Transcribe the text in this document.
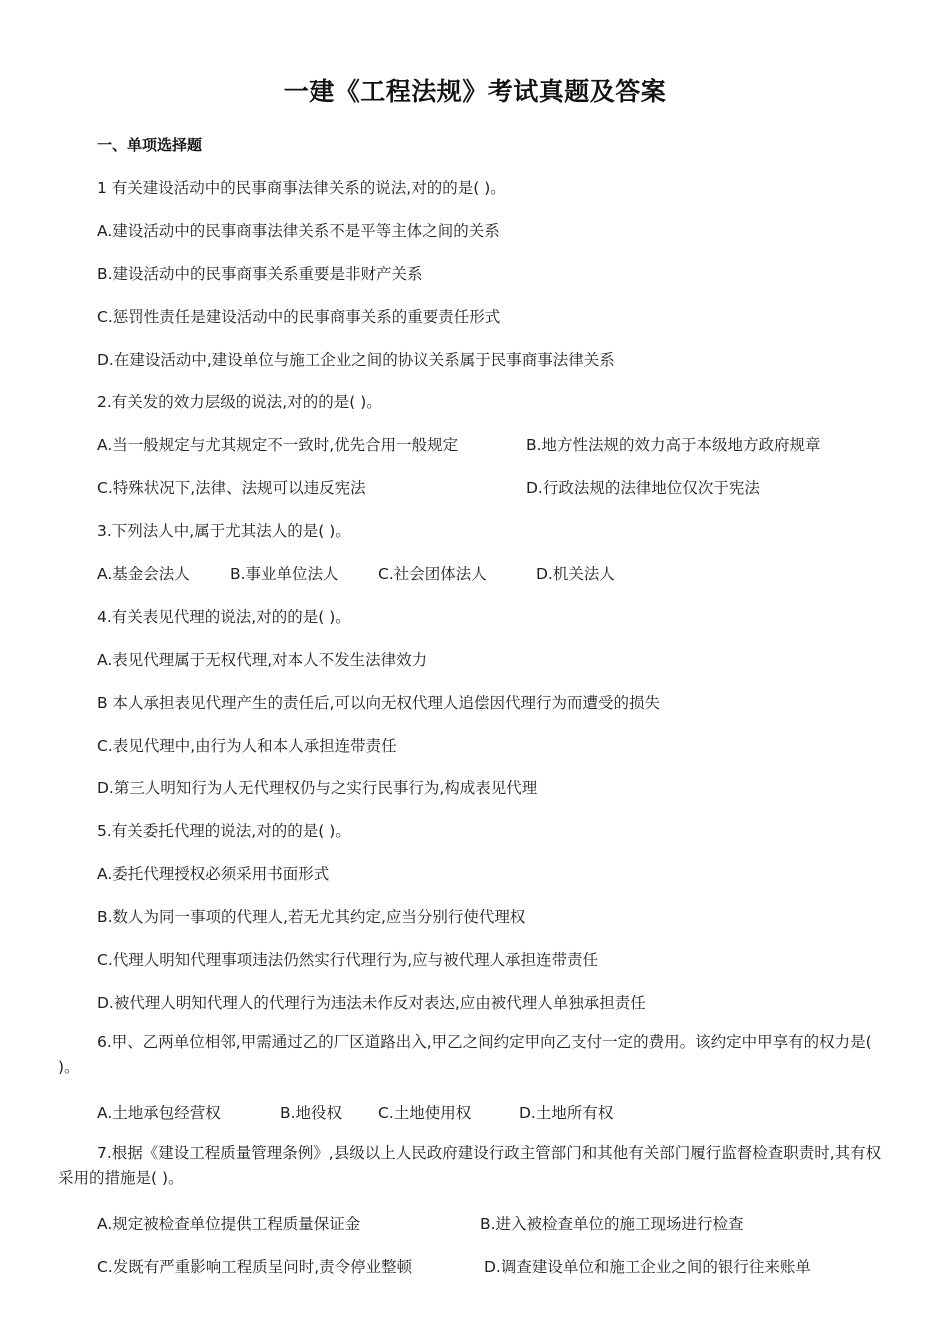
一建《工程法规》考试真题及答案
一、单项选择题
1 有关建设活动中的民事商事法律关系的说法,对的的是( )。
A.建设活动中的民事商事法律关系不是平等主体之间的关系
B.建设活动中的民事商事关系重要是非财产关系
C.惩罚性责任是建设活动中的民事商事关系的重要责任形式
D.在建设活动中,建设单位与施工企业之间的协议关系属于民事商事法律关系
2.有关发的效力层级的说法,对的的是( )。
A.当一般规定与尤其规定不一致时,优先合用一般规定	B.地方性法规的效力高于本级地方政府规章
C.特殊状况下,法律、法规可以违反宪法	D.行政法规的法律地位仅次于宪法
3.下列法人中,属于尤其法人的是( )。
A.基金会法人	B.事业单位法人	C.社会团体法人	D.机关法人
4.有关表见代理的说法,对的的是( )。
A.表见代理属于无权代理,对本人不发生法律效力
B 本人承担表见代理产生的责任后,可以向无权代理人追偿因代理行为而遭受的损失
C.表见代理中,由行为人和本人承担连带责任
D.第三人明知行为人无代理权仍与之实行民事行为,构成表见代理
5.有关委托代理的说法,对的的是( )。
A.委托代理授权必须采用书面形式
B.数人为同一事项的代理人,若无尤其约定,应当分别行使代理权
C.代理人明知代理事项违法仍然实行代理行为,应与被代理人承担连带责任
D.被代理人明知代理人的代理行为违法未作反对表达,应由被代理人单独承担责任
6.甲、乙两单位相邻,甲需通过乙的厂区道路出入,甲乙之间约定甲向乙支付一定的费用。该约定中甲享有的权力是( )。
A.土地承包经营权	B.地役权 C.土地使用权	D.土地所有权
7.根据《建设工程质量管理条例》,县级以上人民政府建设行政主管部门和其他有关部门履行监督检查职责时,其有权采用的措施是( )。
A.规定被检查单位提供工程质量保证金	B.进入被检查单位的施工现场进行检查
C.发既有严重影响工程质呈问时,责令停业整顿	D.调查建设单位和施工企业之间的银行往来账单
